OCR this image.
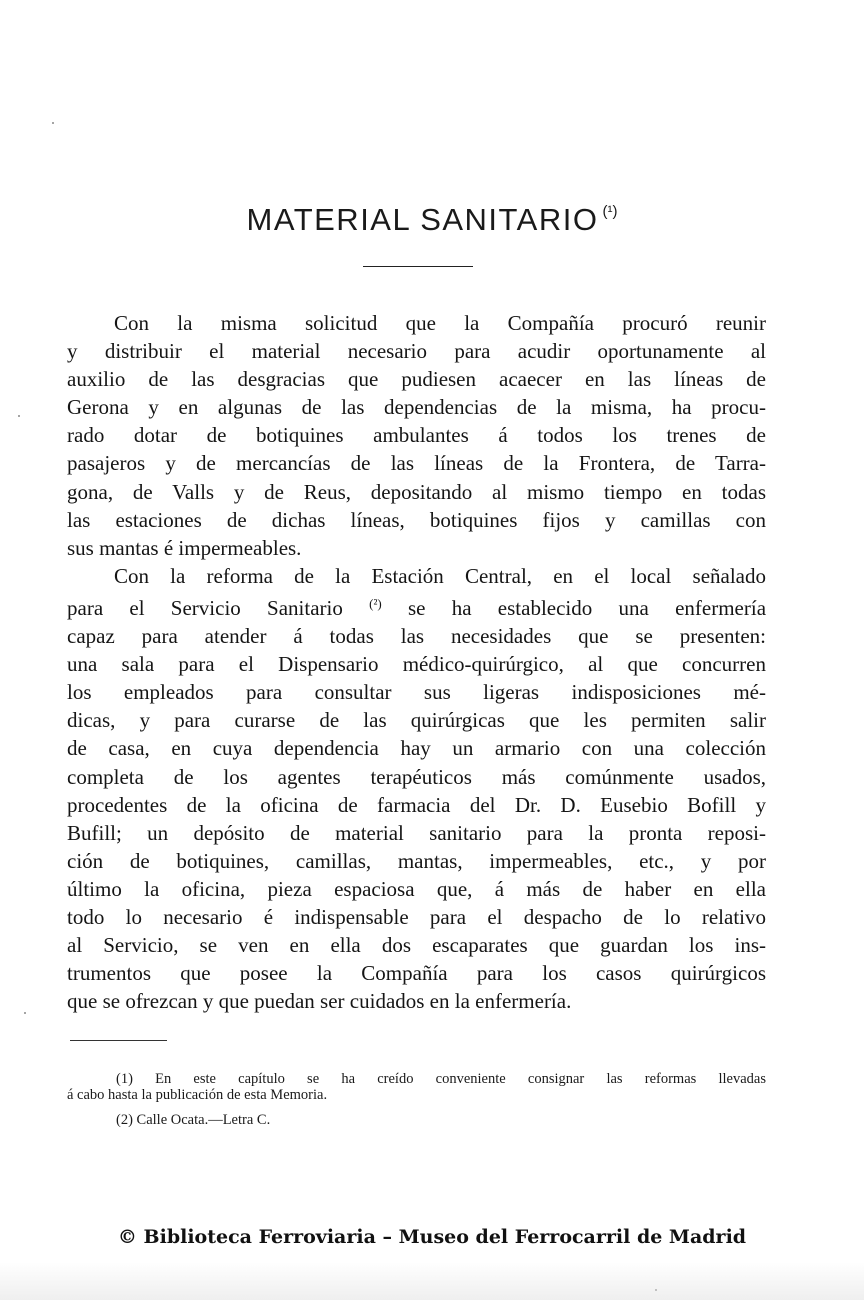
MATERIAL SANITARIO $^{(^1)}$
Con la misma solicitud que la Compañía procuró reunir
y distribuir el material necesario para acudir oportunamente al
auxilio de las desgracias que pudiesen acaecer en las líneas de
Gerona y en algunas de las dependencias de la misma, ha procu-
rado dotar de botiquines ambulantes á todos los trenes de
pasajeros y de mercancías de las líneas de la Frontera, de Tarra-
gona, de Valls y de Reus, depositando al mismo tiempo en todas
las estaciones de dichas líneas, botiquines fijos y camillas con
sus mantas é impermeables.
Con la reforma de la Estación Central, en el local señalado
para el Servicio Sanitario $^{(^2)}$ se ha establecido una enfermería
capaz para atender á todas las necesidades que se presenten:
una sala para el Dispensario médico-quirúrgico, al que concurren
los empleados para consultar sus ligeras indisposiciones mé-
dicas, y para curarse de las quirúrgicas que les permiten salir
de casa, en cuya dependencia hay un armario con una colección
completa de los agentes terapéuticos más comúnmente usados,
procedentes de la oficina de farmacia del Dr. D. Eusebio Bofill y
Bufill; un depósito de material sanitario para la pronta reposi-
ción de botiquines, camillas, mantas, impermeables, etc., y por
último la oficina, pieza espaciosa que, á más de haber en ella
todo lo necesario é indispensable para el despacho de lo relativo
al Servicio, se ven en ella dos escaparates que guardan los ins-
trumentos que posee la Compañía para los casos quirúrgicos
que se ofrezcan y que puedan ser cuidados en la enfermería.
(1) En este capítulo se ha creído conveniente consignar las reformas llevadas
á cabo hasta la publicación de esta Memoria.
(2) Calle Ocata.—Letra C.
© Biblioteca Ferroviaria – Museo del Ferrocarril de Madrid
